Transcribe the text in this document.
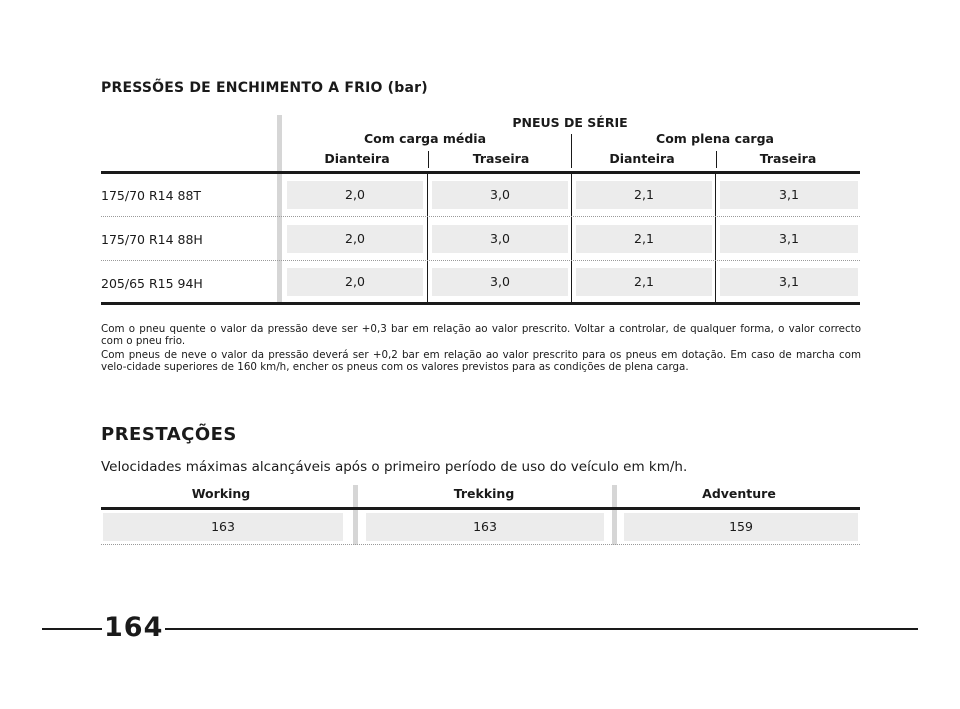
PRESSÕES DE ENCHIMENTO A FRIO (bar)
PNEUS DE SÉRIE
Com carga média	Com plena carga
Dianteira	Traseira	Dianteira	Traseira
175/70 R14 88T	2,0	3,0	2,1	3,1
175/70 R14 88H	2,0	3,0	2,1	3,1
205/65 R15 94H	2,0	3,0	2,1	3,1
Com o pneu quente o valor da pressão deve ser +0,3 bar em relação ao valor prescrito. Voltar a controlar, de qualquer forma, o valor correcto com o pneu frio.
Com pneus de neve o valor da pressão deverá ser +0,2 bar em relação ao valor prescrito para os pneus em dotação. Em caso de marcha com velo-cidade superiores de 160 km/h, encher os pneus com os valores previstos para as condições de plena carga.
PRESTAÇÕES
Velocidades máximas alcançáveis após o primeiro período de uso do veículo em km/h.
Working	Trekking	Adventure
163	163	159
164
